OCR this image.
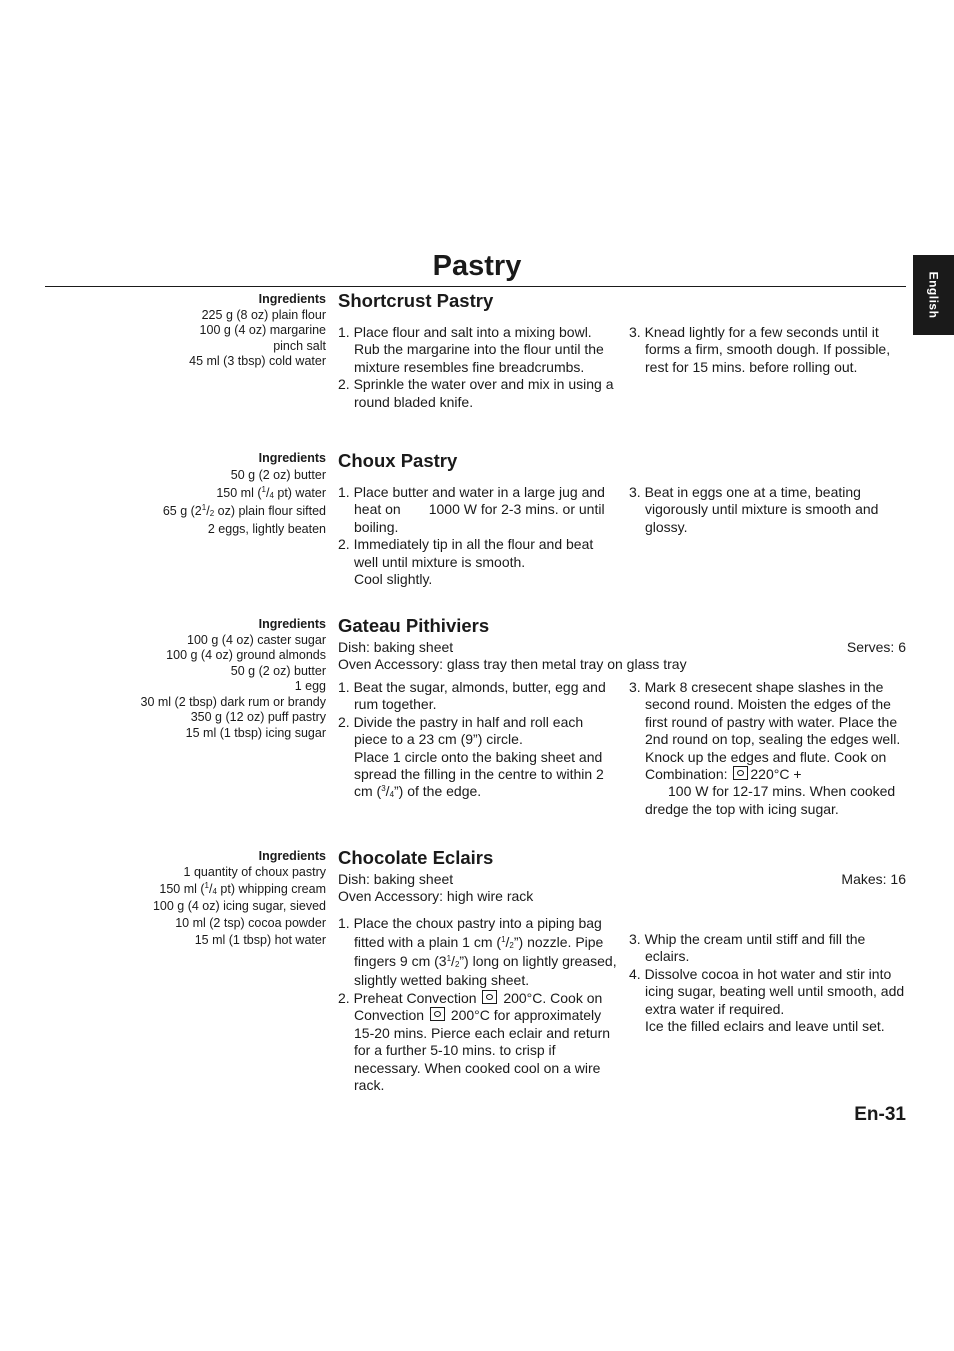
Pastry
English
Ingredients
225 g (8 oz) plain flour
100 g (4 oz) margarine
pinch salt
45 ml (3 tbsp) cold water
Shortcrust Pastry
1. Place flour and salt into a mixing bowl. Rub the margarine into the flour until the mixture resembles fine breadcrumbs.
2. Sprinkle the water over and mix in using a round bladed knife.
3. Knead lightly for a few seconds until it forms a firm, smooth dough. If possible, rest for 15 mins. before rolling out.
Ingredients
50 g (2 oz) butter
150 ml ($^1/_4$ pt) water
65 g ($2^1/_2$ oz) plain flour sifted
2 eggs, lightly beaten
Choux Pastry
1. Place butter and water in a large jug and heat on  1000 W for 2-3 mins. or until boiling.
2. Immediately tip in all the flour and beat well until mixture is smooth.
Cool slightly.
3. Beat in eggs one at a time, beating vigorously until mixture is smooth and glossy.
Ingredients
100 g (4 oz) caster sugar
100 g (4 oz) ground almonds
50 g (2 oz) butter
1 egg
30 ml (2 tbsp) dark rum or brandy
350 g (12 oz) puff pastry
15 ml (1 tbsp) icing sugar
Gateau Pithiviers
Dish: baking sheet	Serves: 6
Oven Accessory: glass tray then metal tray on glass tray
1. Beat the sugar, almonds, butter, egg and rum together.
2. Divide the pastry in half and roll each piece to a 23 cm (9”) circle.
Place 1 circle onto the baking sheet and spread the filling in the centre to within 2 cm $(^3/_4”)$ of the edge.
3. Mark 8 cresecent shape slashes in the second round. Moisten the edges of the first round of pastry with water. Place the 2nd round on top, sealing the edges well. Knock up the edges and flute. Cook on Combination: 220°C +
100 W for 12-17 mins. When cooked
dredge the top with icing sugar.
Ingredients
1 quantity of choux pastry
150 ml ($^1/_4$ pt) whipping cream
100 g (4 oz) icing sugar, sieved
10 ml (2 tsp) cocoa powder
15 ml (1 tbsp) hot water
Chocolate Eclairs
Dish: baking sheet	Makes: 16
Oven Accessory: high wire rack
1. Place the choux pastry into a piping bag fitted with a plain 1 cm $(^1/_2”)$ nozzle. Pipe fingers 9 cm $(3^1/_2”)$ long on lightly greased, slightly wetted baking sheet.
2. Preheat Convection 200°C. Cook on Convection 200°C for approximately 15-20 mins. Pierce each eclair and return for a further 5-10 mins. to crisp if necessary. When cooked cool on a wire rack.
3. Whip the cream until stiff and fill the eclairs.
4. Dissolve cocoa in hot water and stir into icing sugar, beating well until smooth, add extra water if required.
Ice the filled eclairs and leave until set.
En-31
